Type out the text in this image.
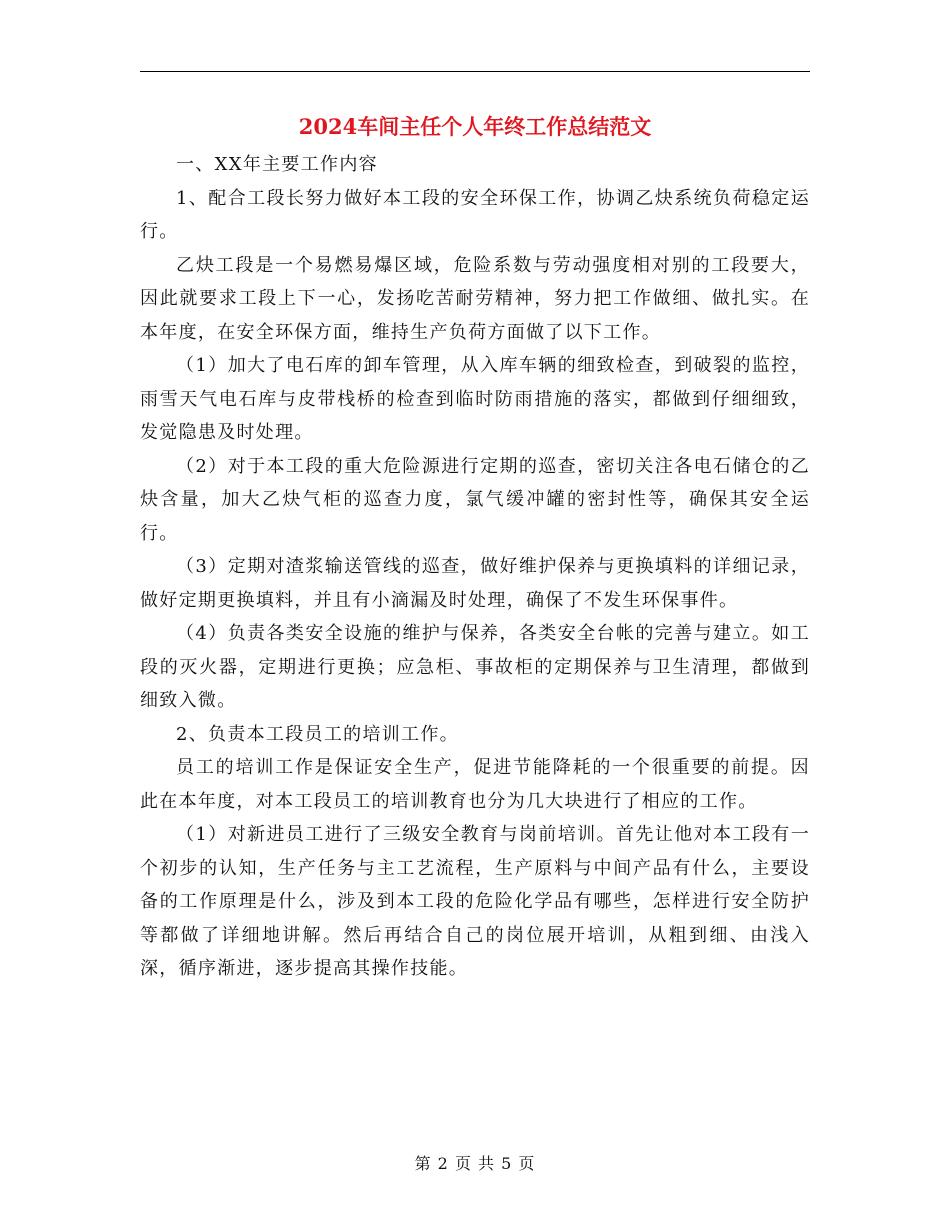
2024车间主任个人年终工作总结范文

一、XX年主要工作内容

1、配合工段长努力做好本工段的安全环保工作，协调乙炔系统负荷稳定运行。

乙炔工段是一个易燃易爆区域，危险系数与劳动强度相对别的工段要大，因此就要求工段上下一心，发扬吃苦耐劳精神，努力把工作做细、做扎实。在本年度，在安全环保方面，维持生产负荷方面做了以下工作。

（1）加大了电石库的卸车管理，从入库车辆的细致检查，到破裂的监控，雨雪天气电石库与皮带栈桥的检查到临时防雨措施的落实，都做到仔细细致，发觉隐患及时处理。

（2）对于本工段的重大危险源进行定期的巡查，密切关注各电石储仓的乙炔含量，加大乙炔气柜的巡查力度，氯气缓冲罐的密封性等，确保其安全运行。

（3）定期对渣浆输送管线的巡查，做好维护保养与更换填料的详细记录，做好定期更换填料，并且有小滴漏及时处理，确保了不发生环保事件。

（4）负责各类安全设施的维护与保养，各类安全台帐的完善与建立。如工段的灭火器，定期进行更换；应急柜、事故柜的定期保养与卫生清理，都做到细致入微。

2、负责本工段员工的培训工作。

员工的培训工作是保证安全生产，促进节能降耗的一个很重要的前提。因此在本年度，对本工段员工的培训教育也分为几大块进行了相应的工作。

（1）对新进员工进行了三级安全教育与岗前培训。首先让他对本工段有一个初步的认知，生产任务与主工艺流程，生产原料与中间产品有什么，主要设备的工作原理是什么，涉及到本工段的危险化学品有哪些，怎样进行安全防护等都做了详细地讲解。然后再结合自己的岗位展开培训，从粗到细、由浅入深，循序渐进，逐步提高其操作技能。

第 2 页 共 5 页
